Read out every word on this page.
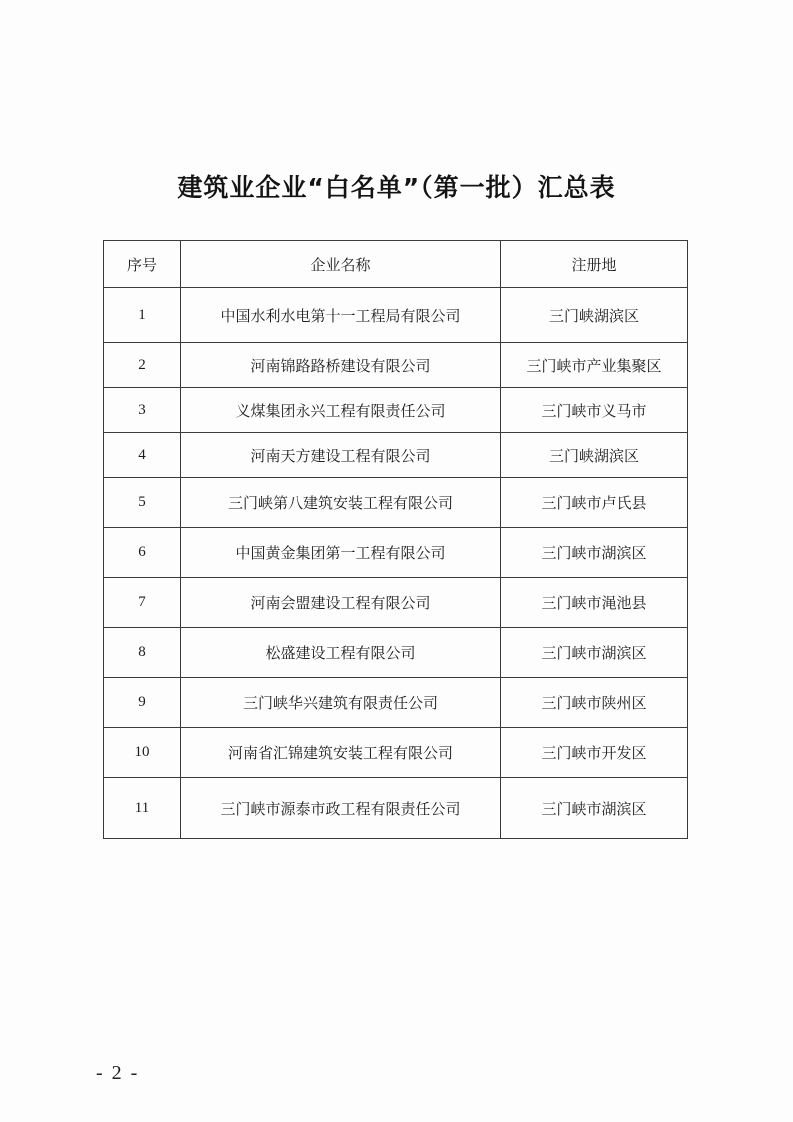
建筑业企业“白名单”（第一批）汇总表
序号	企业名称	注册地
1	中国水利水电第十一工程局有限公司	三门峡湖滨区
2	河南锦路路桥建设有限公司	三门峡市产业集聚区
3	义煤集团永兴工程有限责任公司	三门峡市义马市
4	河南天方建设工程有限公司	三门峡湖滨区
5	三门峡第八建筑安装工程有限公司	三门峡市卢氏县
6	中国黄金集团第一工程有限公司	三门峡市湖滨区
7	河南会盟建设工程有限公司	三门峡市渑池县
8	松盛建设工程有限公司	三门峡市湖滨区
9	三门峡华兴建筑有限责任公司	三门峡市陕州区
10	河南省汇锦建筑安装工程有限公司	三门峡市开发区
11	三门峡市源泰市政工程有限责任公司	三门峡市湖滨区
- 2 -
